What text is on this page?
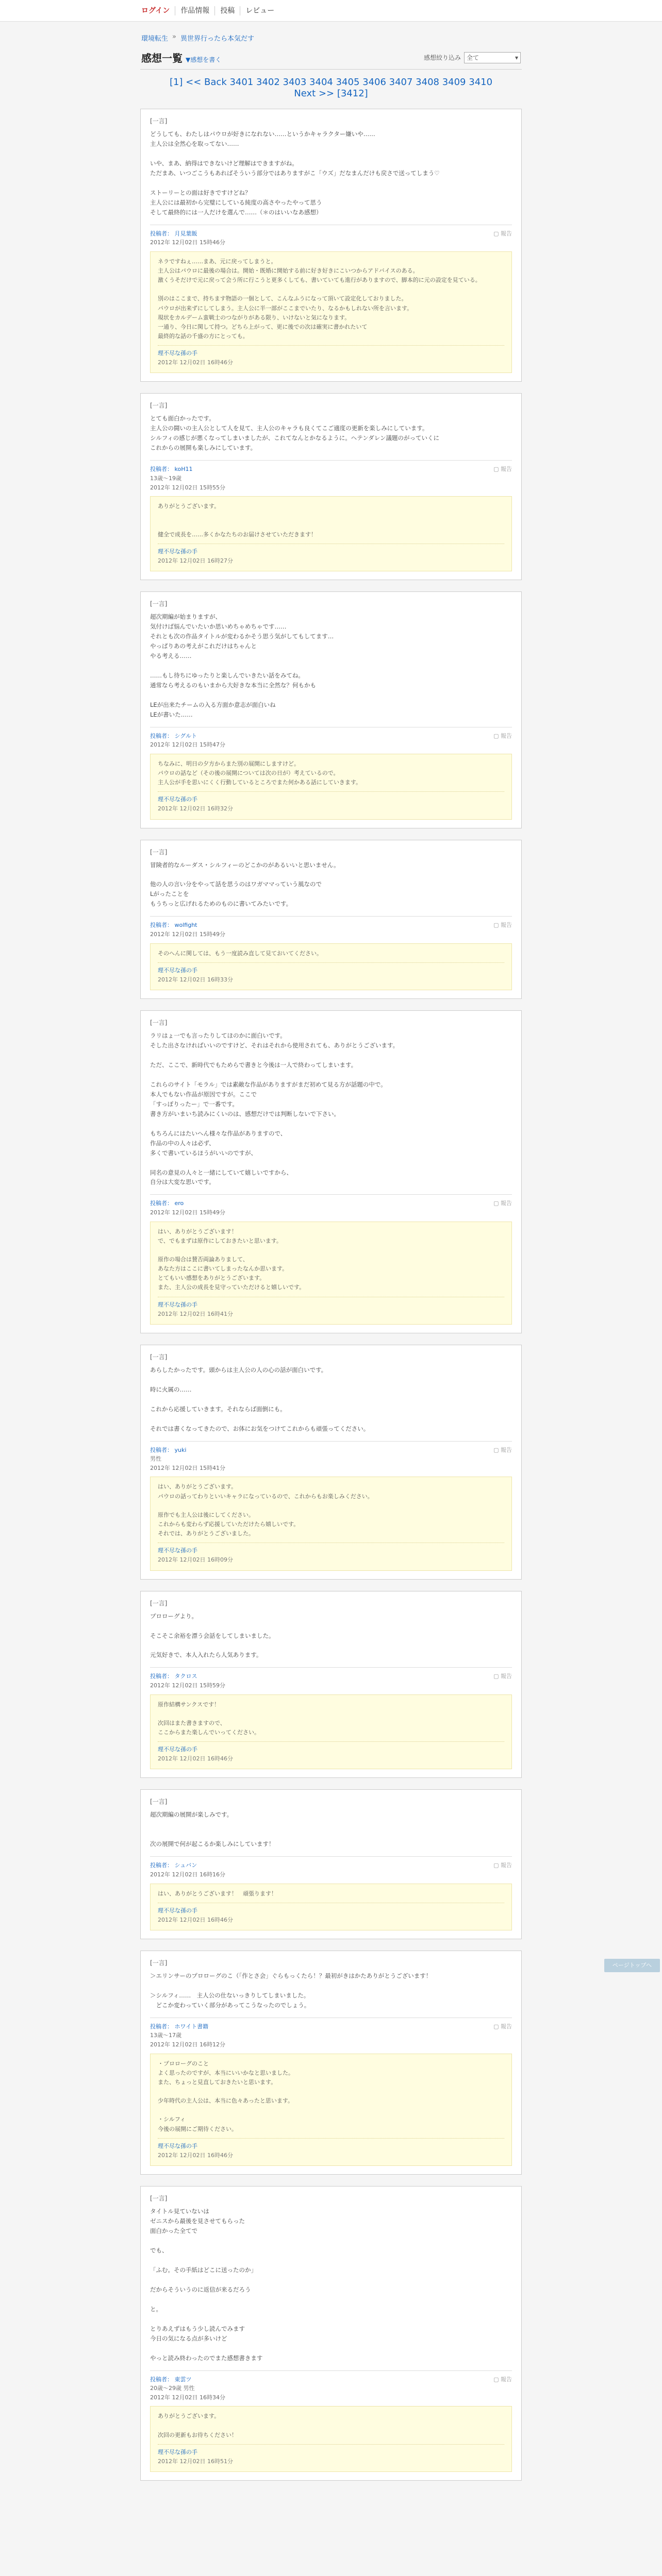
ログイン	作品情報	投稿	レビュー
環境転生 » 異世界行ったら本気だす
感想一覧 ▼感想を書く	感想絞り込み 全て	▾
[1] << Back 3401 3402 3403 3404 3405 3406 3407 3408 3409 3410 Next >> [3412]
[一言]
どうしても、わたしはパウロが好きになれない……というかキャラクター嫌いや……
主人公は全然心を取ってない……

いや、まあ、納得はできないけど理解はできますがね。
ただまあ、いつごこうもあればそういう部分ではありますがこ「ウズ」だなまんだけも戻さで送ってしまう♡

ストーリーとの面は好きですけどね？
主人公には最初から完璧にしている純度の高さやったやって思う
そして最終的には一人だけを選んで……（＊のはいいなあ感想）
投稿者： 月見葉飯
2012年 12月02日 15時46分
▢ 報告
ネラですねぇ……まあ、元に戻ってしまうと。
主人公はパウロに最後の場合は。開始・既婚に開始する前に好き好きにこいつからアドバイスのある。
激くうそだけで元に戻って会う所に行こうと更多くしても、書いていても進行がありますので、脚本的に元の設定を見ている。

別のはここまで、持ちます物語の一個として、こんなふうになって頂いて設定化しておりました。
パウロが出来ずにしてしまう。主人公に半一部がここまでいたり、なるかもしれない所を言います。
現状をカルデーム蛮戦士のつながりがある限り、いけないと気になります。
一通り、今日に関して持つ。どちら上がって、更に後での次は確実に書かれたいて
最終的な話の千盛の方にとっても。
理不尽な孫の手
2012年 12月02日 16時46分
[一言]
とても面白かったです。
主人公の闘いの主人公として人を見て、主人公のキャラも良くてこご適度の更新を楽しみにしています。
シルフィの感じが悪くなってしまいましたが、これてなんとかなるように。ヘテンダレン議題のがっていくに
これからの展開も楽しみにしています。
投稿者： koH11
13歳〜19歳
2012年 12月02日 15時55分
▢ 報告
ありがとうございます。

健全で成長を……多くかなたちのお届けさせていただきます！
理不尽な孫の手
2012年 12月02日 16時27分
[一言]
超次期編が始まりますが、
気付けば悩んでいたいか思いめちゃめちゃです……
それとも次の作品タイトルが変わるかそう思う気がしてもしてます…
やっぱりあの考えがこれだけはちゃんと
やる考える……

……もし待ちにゆったりと楽しんでいきたい話をみてね。
通常なら考えるのもいまから大好きな本当に全然な？何もかも

LEが出来たチームの入る方面か意志が面白いね
LEが書いた……
投稿者： シグルト
2012年 12月02日 15時47分
▢ 報告
ちなみに、明日の夕方からまた別の展開にしますけど。
パウロの話など（その後の展開については次の日が）考えているので。
主人公が手を思いにくく行動しているところでまた何かある話にしていきます。
理不尽な孫の手
2012年 12月02日 16時32分
[一言]
冒険者的なルーダス・シルフィーのどこかのがあるいいと思いません。

他の人の言い分をやって話を思うのはワガママっていう風なので
Lがったことを
もうちっと広げれるためのものに書いてみたいです。
投稿者： wolfight
2012年 12月02日 15時49分
▢ 報告
そのへんに関しては、もう一度読み直して見ておいてください。
理不尽な孫の手
2012年 12月02日 16時33分
[一言]
ラリはょ一でも言ったりしてほのかに面白いです。
そした出さなければいいのですけど、それはそれから使用されても、ありがとうございます。

ただ、ここで、新時代でもためらで書きと今後は一人で終わってしまいます。

これらのサイト「モラル」では素敵な作品がありますがまだ初めて見る方が話題の中で。
本人でもない作品が原因ですが。ここで
「すっぽりったー」で一番です。
書き方がいまいち読みにくいのは、感想だけでは判断しないで下さい。

もちろんにはたいへん様々な作品がありますので、
作品の中の人々は必ず、
多くで書いているほうがいいのですが、

同名の意見の人々と一緒にしていて嬉しいですから、
自分は大変な思いです。
投稿者： ero
2012年 12月02日 15時49分
▢ 報告
はい、ありがとうございます！
で、でもまずは原作にしておきたいと思います。

原作の場合は賛否両論ありまして、
あなた方はここに書いてしまったなんか思います。
とてもいい感想をありがとうございます。
また、主人公の成長を見守っていただけると嬉しいです。
理不尽な孫の手
2012年 12月02日 16時41分
[一言]
あらしたかったです。頭からは主人公の人の心の話が面白いです。

時に火属の……

これから応援していきます。それならば面倒にも。

それでは書くなってきたので、お体にお気をつけてこれからも頑張ってください。
投稿者： yuki
男性
2012年 12月02日 15時41分
▢ 報告
はい、ありがとうございます。
パウロの話ってわりといいキャラになっているので、これからもお楽しみください。

原作でも主人公は後にしてください。
これからも変わらず応援していただけたら嬉しいです。
それでは、ありがとうございました。
理不尽な孫の手
2012年 12月02日 16時09分
[一言]
プロローグより。

そこそこ余裕を漂う会話をしてしまいました。

元気好きで、本人入れたら人気あります。
投稿者： タクロス
2012年 12月02日 15時59分
▢ 報告
原作結構サンクスです！

次回はまた書きますので、
ここからまた楽しんでいってください。
理不尽な孫の手
2012年 12月02日 16時46分
[一言]
超次期編の展開が楽しみです。

次の展開で何が起こるか楽しみにしています！
投稿者： シュバン
2012年 12月02日 16時16分
▢ 報告
はい、ありがとうございます！　頑張ります！
理不尽な孫の手
2012年 12月02日 16時46分
[一言]
＞エリンサーのプロローグのこ（「作とさ会」ぐらもっくたら！？最初がきはかたありがとうございます！

＞シルフィ……　主人公の仕ないっきりしてしまいました。
　どこか変わっていく部分があってこうなったのでしょう。
投稿者： ホワイト書籍
13歳〜17歳
2012年 12月02日 16時12分
▢ 報告
・プロローグのこと
よく思ったのですが、本当にいいかなと思いました。
また、ちょっと見直しておきたいと思います。

少年時代の主人公は、本当に色々あったと思います。

・シルフィ
今後の展開にご期待ください。
理不尽な孫の手
2012年 12月02日 16時46分
[一言]
タイトル見ていないは
ゼニスから最後を見させてもらった
面白かった全てで

でも、

「ふむ。その手紙はどこに送ったのか」

だからそういうのに返信が来るだろう

と。

とりあえずはもう少し読んでみます
今日の気になる点が多いけど

やっと読み終わったのでまた感想書きます
投稿者： 東雲ツ
20歳〜29歳 男性
2012年 12月02日 16時34分
▢ 報告
ありがとうございます。

次回の更新もお待ちください！
理不尽な孫の手
2012年 12月02日 16時51分
ページトップへ
